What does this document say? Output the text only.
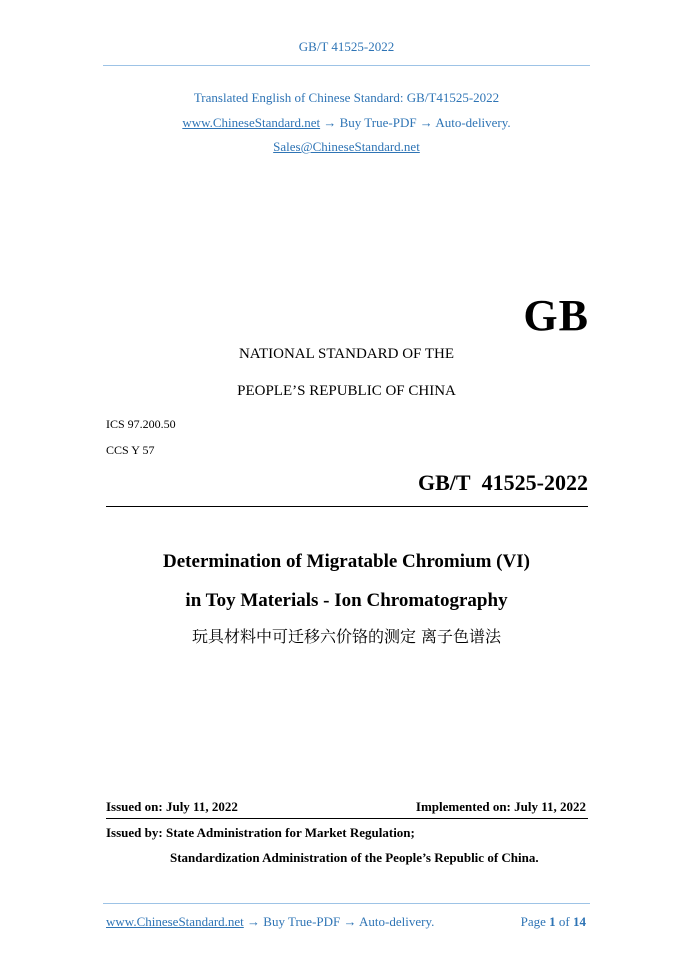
GB/T 41525-2022
Translated English of Chinese Standard: GB/T41525-2022
www.ChineseStandard.net → Buy True-PDF → Auto-delivery.
Sales@ChineseStandard.net
GB
NATIONAL STANDARD OF THE
PEOPLE’S REPUBLIC OF CHINA
ICS 97.200.50
CCS Y 57
GB/T 41525-2022
Determination of Migratable Chromium (VI)
in Toy Materials - Ion Chromatography
玩具材料中可迁移六价铬的测定 离子色谱法
Issued on: July 11, 2022	Implemented on: July 11, 2022
Issued by: State Administration for Market Regulation;
Standardization Administration of the People’s Republic of China.
www.ChineseStandard.net → Buy True-PDF → Auto-delivery.	Page 1 of 14
